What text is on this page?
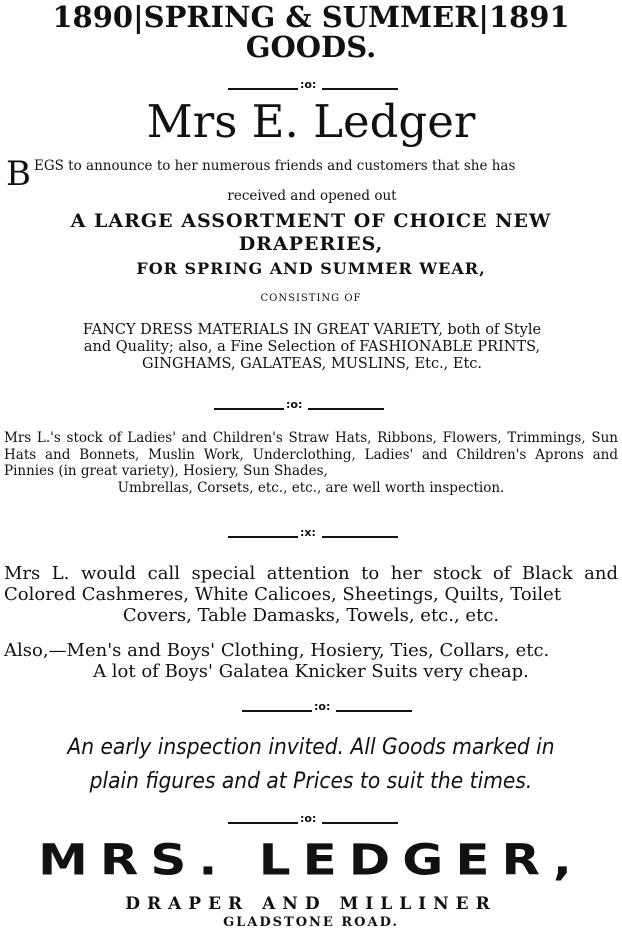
1890|SPRING & SUMMER|1891
GOODS.
:o:
Mrs E. Ledger
B EGS to announce to her numerous friends and customers that she has
received and opened out
A LARGE ASSORTMENT OF CHOICE NEW
DRAPERIES,
FOR SPRING AND SUMMER WEAR,
CONSISTING OF
FANCY DRESS MATERIALS IN GREAT VARIETY, both of Style
and Quality; also, a Fine Selection of FASHIONABLE PRINTS,
GINGHAMS, GALATEAS, MUSLINS, Etc., Etc.
:o:
Mrs L.'s stock of Ladies' and Children's Straw Hats, Ribbons, Flowers, Trimmings, Sun Hats and Bonnets, Muslin Work, Underclothing, Ladies' and Children's Aprons and Pinnies (in great variety), Hosiery, Sun Shades,
Umbrellas, Corsets, etc., etc., are well worth inspection.
:x:
Mrs L. would call special attention to her stock of Black and Colored Cashmeres, White Calicoes, Sheetings, Quilts, Toilet
Covers, Table Damasks, Towels, etc., etc.
Also,—Men's and Boys' Clothing, Hosiery, Ties, Collars, etc.
A lot of Boys' Galatea Knicker Suits very cheap.
:o:
An early inspection invited. All Goods marked in
plain figures and at Prices to suit the times.
:o:
MRS. LEDGER,
DRAPER AND MILLINER
GLADSTONE ROAD.
